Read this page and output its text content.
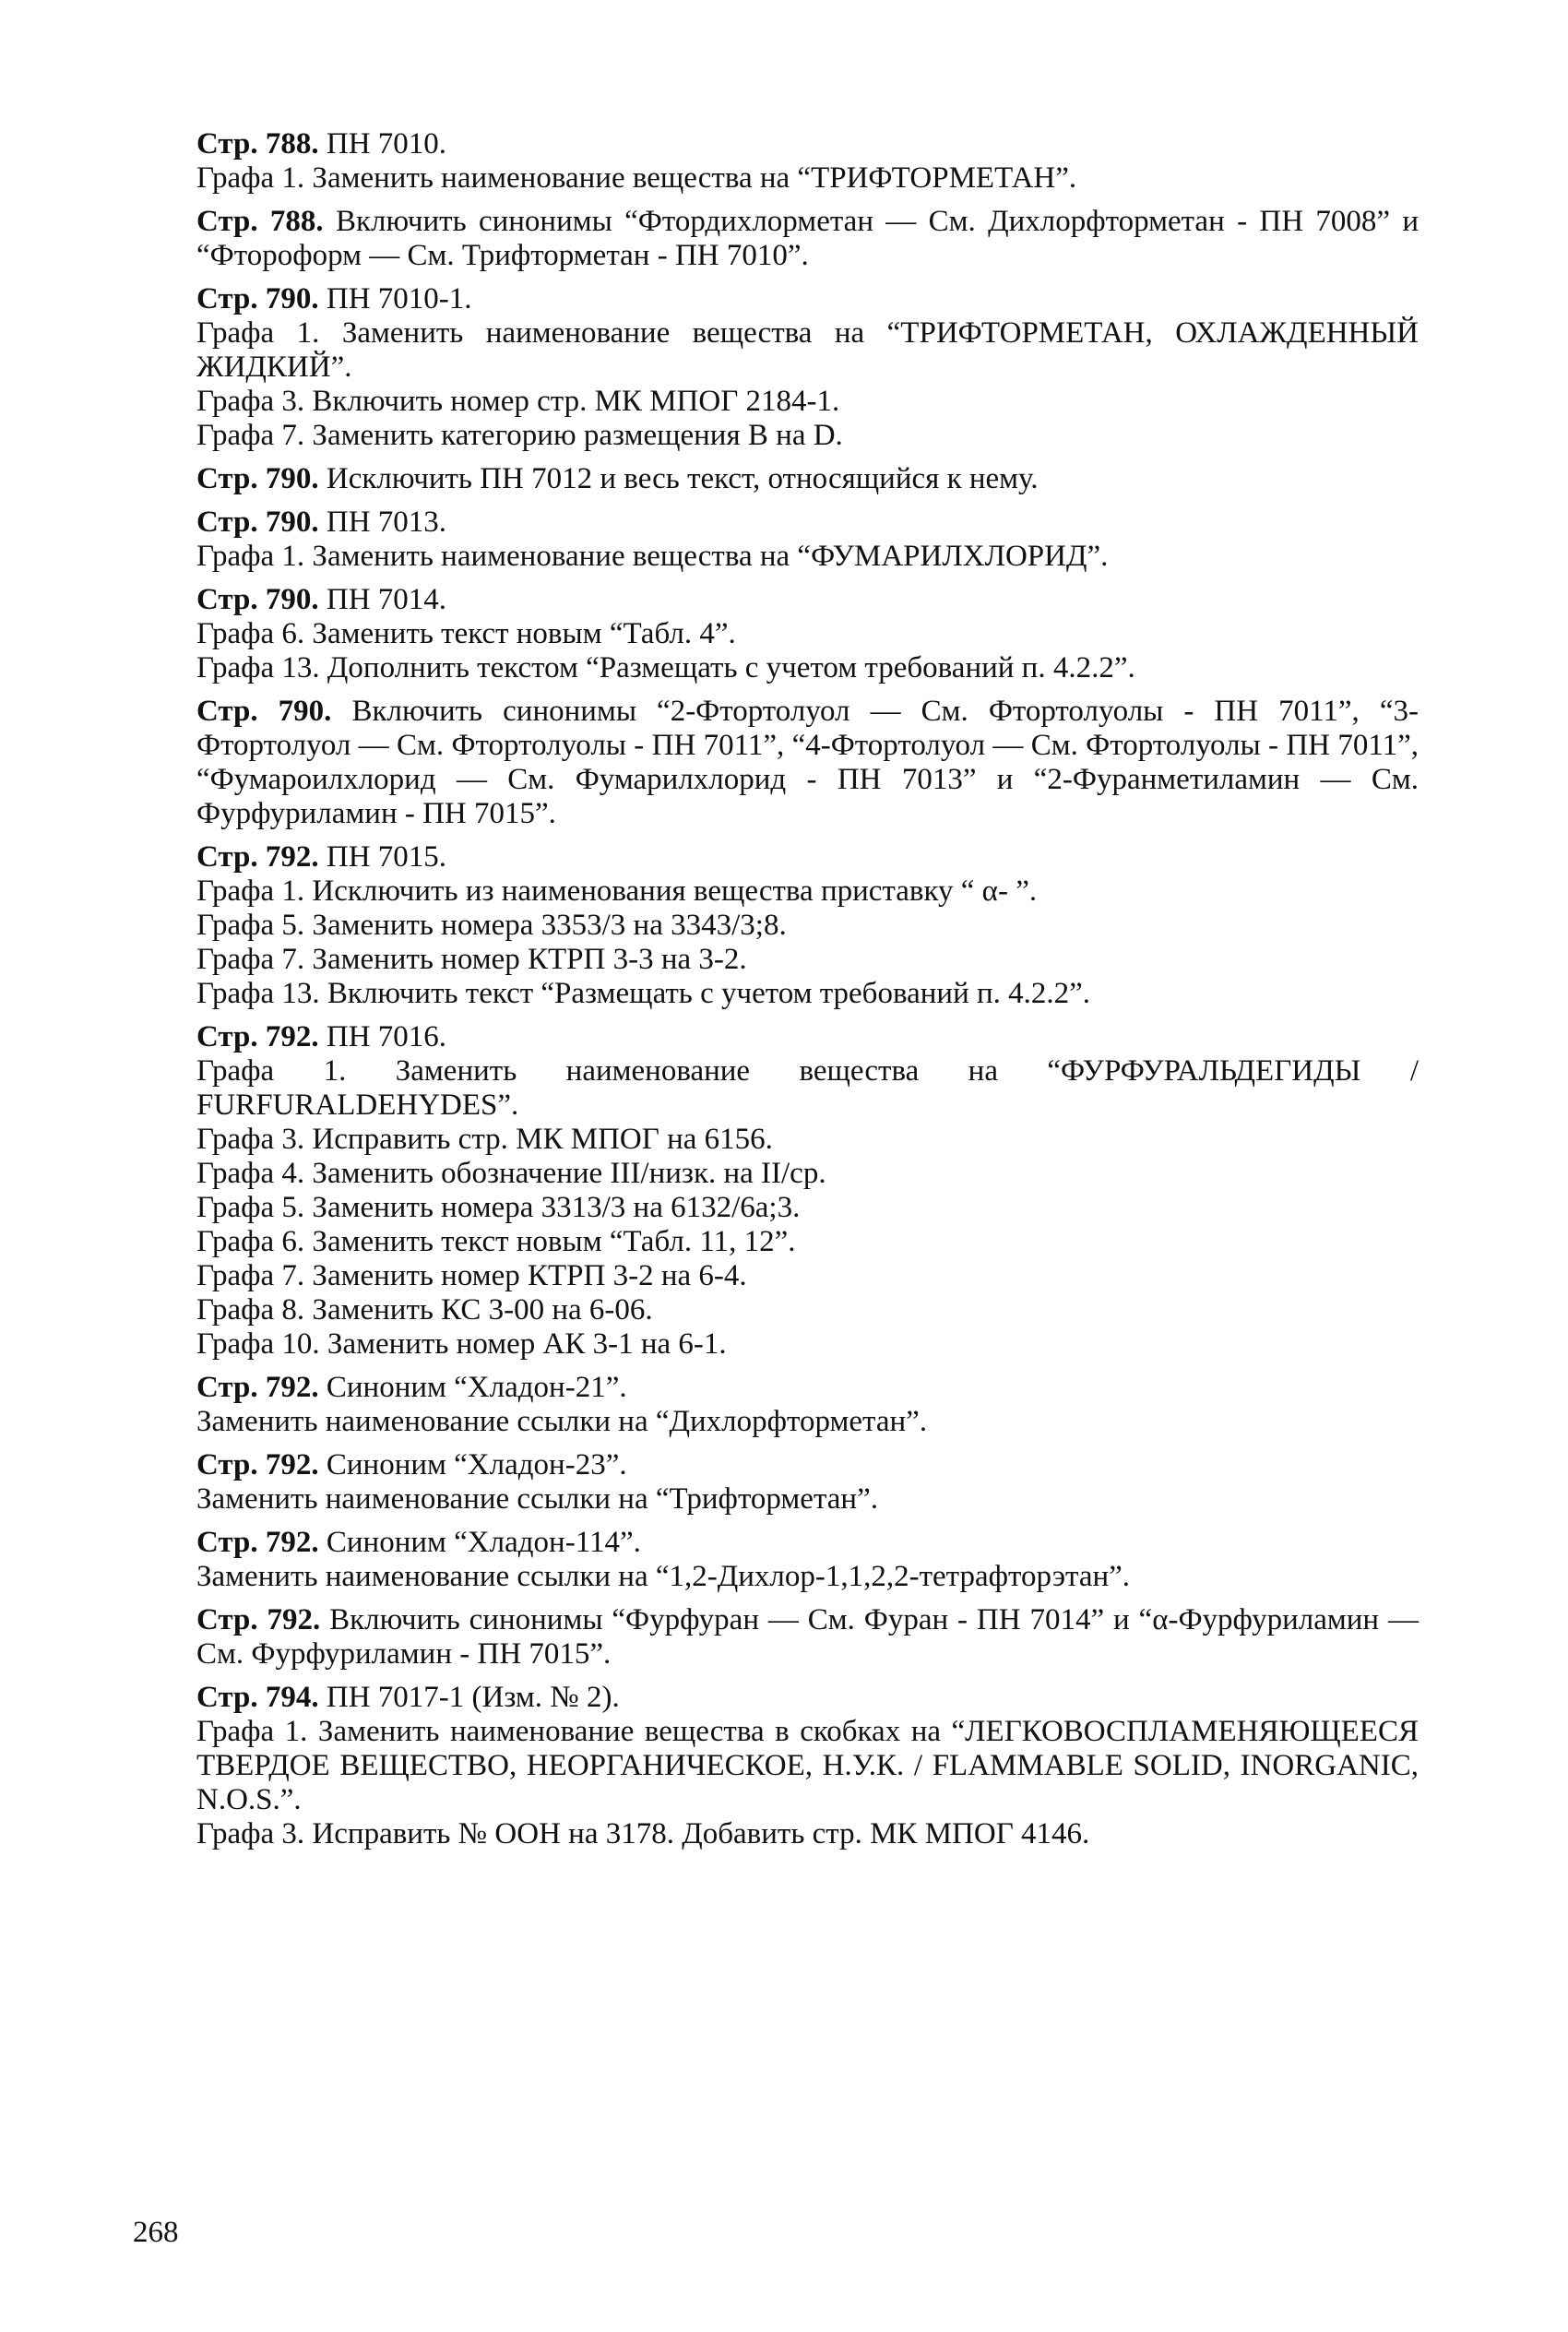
Стр. 788. ПН 7010.
Графа 1. Заменить наименование вещества на “ТРИФТОРМЕТАН”.
Стр. 788. Включить синонимы “Фтордихлорметан — См. Дихлорфторметан - ПН 7008” и “Фтороформ — См. Трифторметан - ПН 7010”.
Стр. 790. ПН 7010-1.
Графа 1. Заменить наименование вещества на “ТРИФТОРМЕТАН, ОХЛАЖДЕННЫЙ ЖИДКИЙ”.
Графа 3. Включить номер стр. МК МПОГ 2184-1.
Графа 7. Заменить категорию размещения B на D.
Стр. 790. Исключить ПН 7012 и весь текст, относящийся к нему.
Стр. 790. ПН 7013.
Графа 1. Заменить наименование вещества на “ФУМАРИЛХЛОРИД”.
Стр. 790. ПН 7014.
Графа 6. Заменить текст новым “Табл. 4”.
Графа 13. Дополнить текстом “Размещать с учетом требований п. 4.2.2”.
Стр. 790. Включить синонимы “2-Фтортолуол — См. Фтортолуолы - ПН 7011”, “3-Фтортолуол — См. Фтортолуолы - ПН 7011”, “4-Фтортолуол — См. Фтортолуолы - ПН 7011”, “Фумароилхлорид — См. Фумарилхлорид - ПН 7013” и “2-Фуранметиламин — См. Фурфуриламин - ПН 7015”.
Стр. 792. ПН 7015.
Графа 1. Исключить из наименования вещества приставку “ α- ”.
Графа 5. Заменить номера 3353/3 на 3343/3;8.
Графа 7. Заменить номер КТРП 3-3 на 3-2.
Графа 13. Включить текст “Размещать с учетом требований п. 4.2.2”.
Стр. 792. ПН 7016.
Графа 1. Заменить наименование вещества на “ФУРФУРАЛЬДЕГИДЫ / FURFURALDEHYDES”.
Графа 3. Исправить стр. МК МПОГ на 6156.
Графа 4. Заменить обозначение III/низк. на II/ср.
Графа 5. Заменить номера 3313/3 на 6132/6а;3.
Графа 6. Заменить текст новым “Табл. 11, 12”.
Графа 7. Заменить номер КТРП 3-2 на 6-4.
Графа 8. Заменить КС 3-00 на 6-06.
Графа 10. Заменить номер АК 3-1 на 6-1.
Стр. 792. Синоним “Хладон-21”.
Заменить наименование ссылки на “Дихлорфторметан”.
Стр. 792. Синоним “Хладон-23”.
Заменить наименование ссылки на “Трифторметан”.
Стр. 792. Синоним “Хладон-114”.
Заменить наименование ссылки на “1,2-Дихлор-1,1,2,2-тетрафторэтан”.
Стр. 792. Включить синонимы “Фурфуран — См. Фуран - ПН 7014” и “α-Фурфуриламин — См. Фурфуриламин - ПН 7015”.
Стр. 794. ПН 7017-1 (Изм. № 2).
Графа 1. Заменить наименование вещества в скобках на “ЛЕГКОВОСПЛАМЕНЯЮЩЕЕСЯ ТВЕРДОЕ ВЕЩЕСТВО, НЕОРГАНИЧЕСКОЕ, Н.У.К. / FLAMMABLE SOLID, INORGANIC, N.O.S.”.
Графа 3. Исправить № ООН на 3178. Добавить стр. МК МПОГ 4146.
268
